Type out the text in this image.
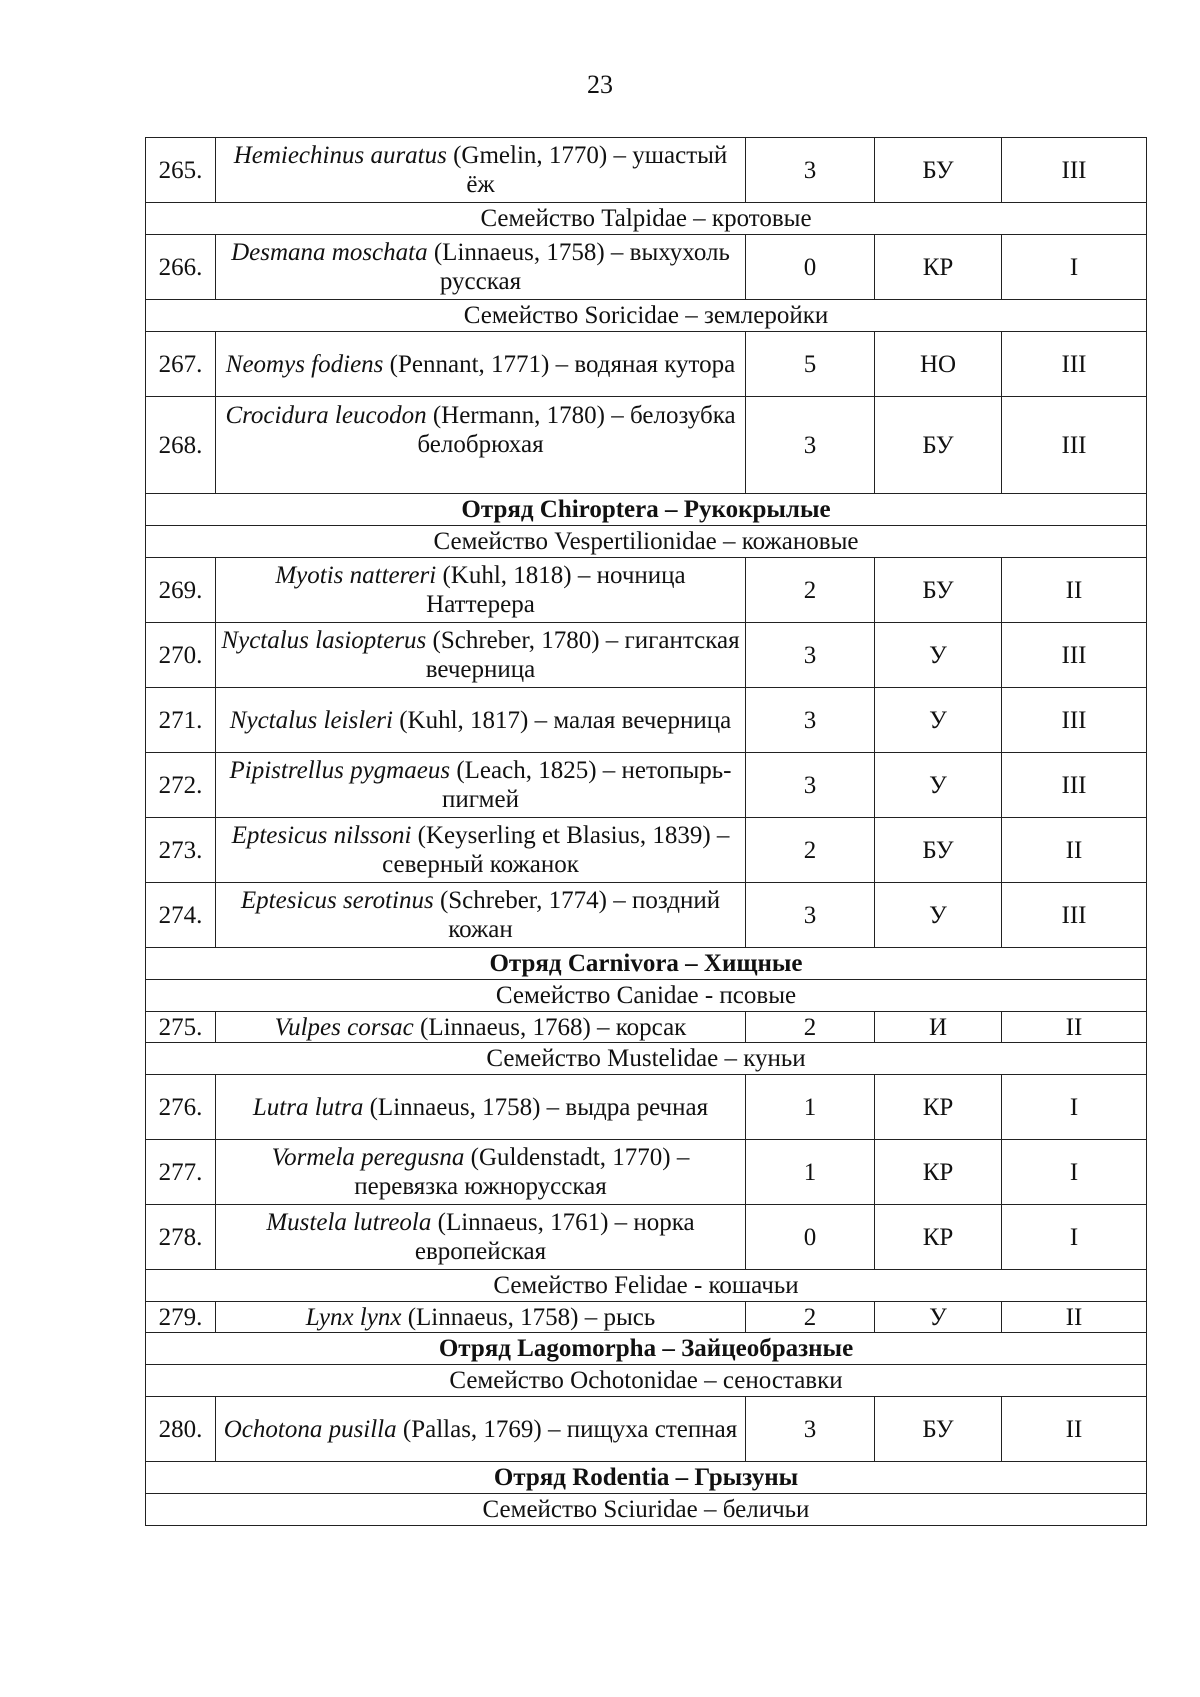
23
265.	Hemiechinus auratus (Gmelin, 1770) – ушастый ёж	3	БУ	III
Семейство Talpidae – кротовые				
266.	Desmana moschata (Linnaeus, 1758) – выхухоль русская	0	КР	I
Семейство Soricidae – землеройки				
267.	Neomys fodiens (Pennant, 1771) – водяная кутора	5	НО	III
268.	Crocidura leucodon (Hermann, 1780) – белозубка белобрюхая	3	БУ	III
Отряд Chiroptera – Рукокрылые				
Семейство Vespertilionidae – кожановые				
269.	Myotis nattereri (Kuhl, 1818) – ночница Наттерера	2	БУ	II
270.	Nyctalus lasiopterus (Schreber, 1780) – гигантская вечерница	3	У	III
271.	Nyctalus leisleri (Kuhl, 1817) – малая вечерница	3	У	III
272.	Pipistrellus pygmaeus (Leach, 1825) – нетопырь-пигмей	3	У	III
273.	Eptesicus nilssoni (Keyserling et Blasius, 1839) – северный кожанок	2	БУ	II
274.	Eptesicus serotinus (Schreber, 1774) – поздний кожан	3	У	III
Отряд Carnivora – Хищные				
Семейство Canidae - псовые				
275.	Vulpes corsac (Linnaeus, 1768) – корсак	2	И	II
Семейство Mustelidae – куньи				
276.	Lutra lutra (Linnaeus, 1758) – выдра речная	1	КР	I
277.	Vormela peregusna (Guldenstadt, 1770) – перевязка южнорусская	1	КР	I
278.	Mustela lutreola (Linnaeus, 1761) – норка европейская	0	КР	I
Семейство Felidae - кошачьи				
279.	Lynx lynx (Linnaeus, 1758) – рысь	2	У	II
Отряд Lagomorpha – Зайцеобразные				
Семейство Ochotonidae – сеноставки				
280.	Ochotona pusilla (Pallas, 1769) – пищуха степная	3	БУ	II
Отряд Rodentia – Грызуны				
Семейство Sciuridae – беличьи				
